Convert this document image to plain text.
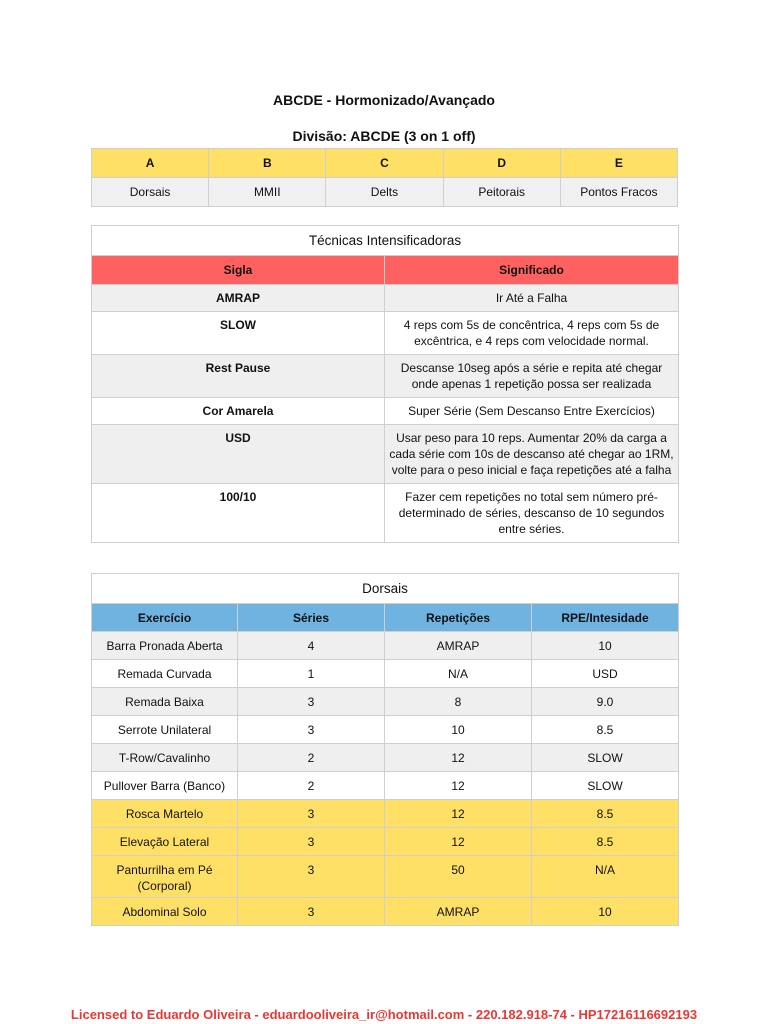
ABCDE - Hormonizado/Avançado
Divisão: ABCDE (3 on 1 off)
A	B	C	D	E
Dorsais	MMII	Delts	Peitorais	Pontos Fracos
Técnicas Intensificadoras	
Sigla	Significado
AMRAP	Ir Até a Falha
SLOW	4 reps com 5s de concêntrica, 4 reps com 5s de excêntrica, e 4 reps com velocidade normal.
Rest Pause	Descanse 10seg após a série e repita até chegar onde apenas 1 repetição possa ser realizada
Cor Amarela	Super Série (Sem Descanso Entre Exercícios)
USD	Usar peso para 10 reps. Aumentar 20% da carga a cada série com 10s de descanso até chegar ao 1RM, volte para o peso inicial e faça repetições até a falha
100/10	Fazer cem repetições no total sem número pré-determinado de séries, descanso de 10 segundos entre séries.
Dorsais			
Exercício	Séries	Repetições	RPE/Intesidade
Barra Pronada Aberta	4	AMRAP	10
Remada Curvada	1	N/A	USD
Remada Baixa	3	8	9.0
Serrote Unilateral	3	10	8.5
T-Row/Cavalinho	2	12	SLOW
Pullover Barra (Banco)	2	12	SLOW
Rosca Martelo	3	12	8.5
Elevação Lateral	3	12	8.5
Panturrilha em Pé (Corporal)	3	50	N/A
Abdominal Solo	3	AMRAP	10
Licensed to Eduardo Oliveira - eduardooliveira_ir@hotmail.com - 220.182.918-74 - HP17216116692193
